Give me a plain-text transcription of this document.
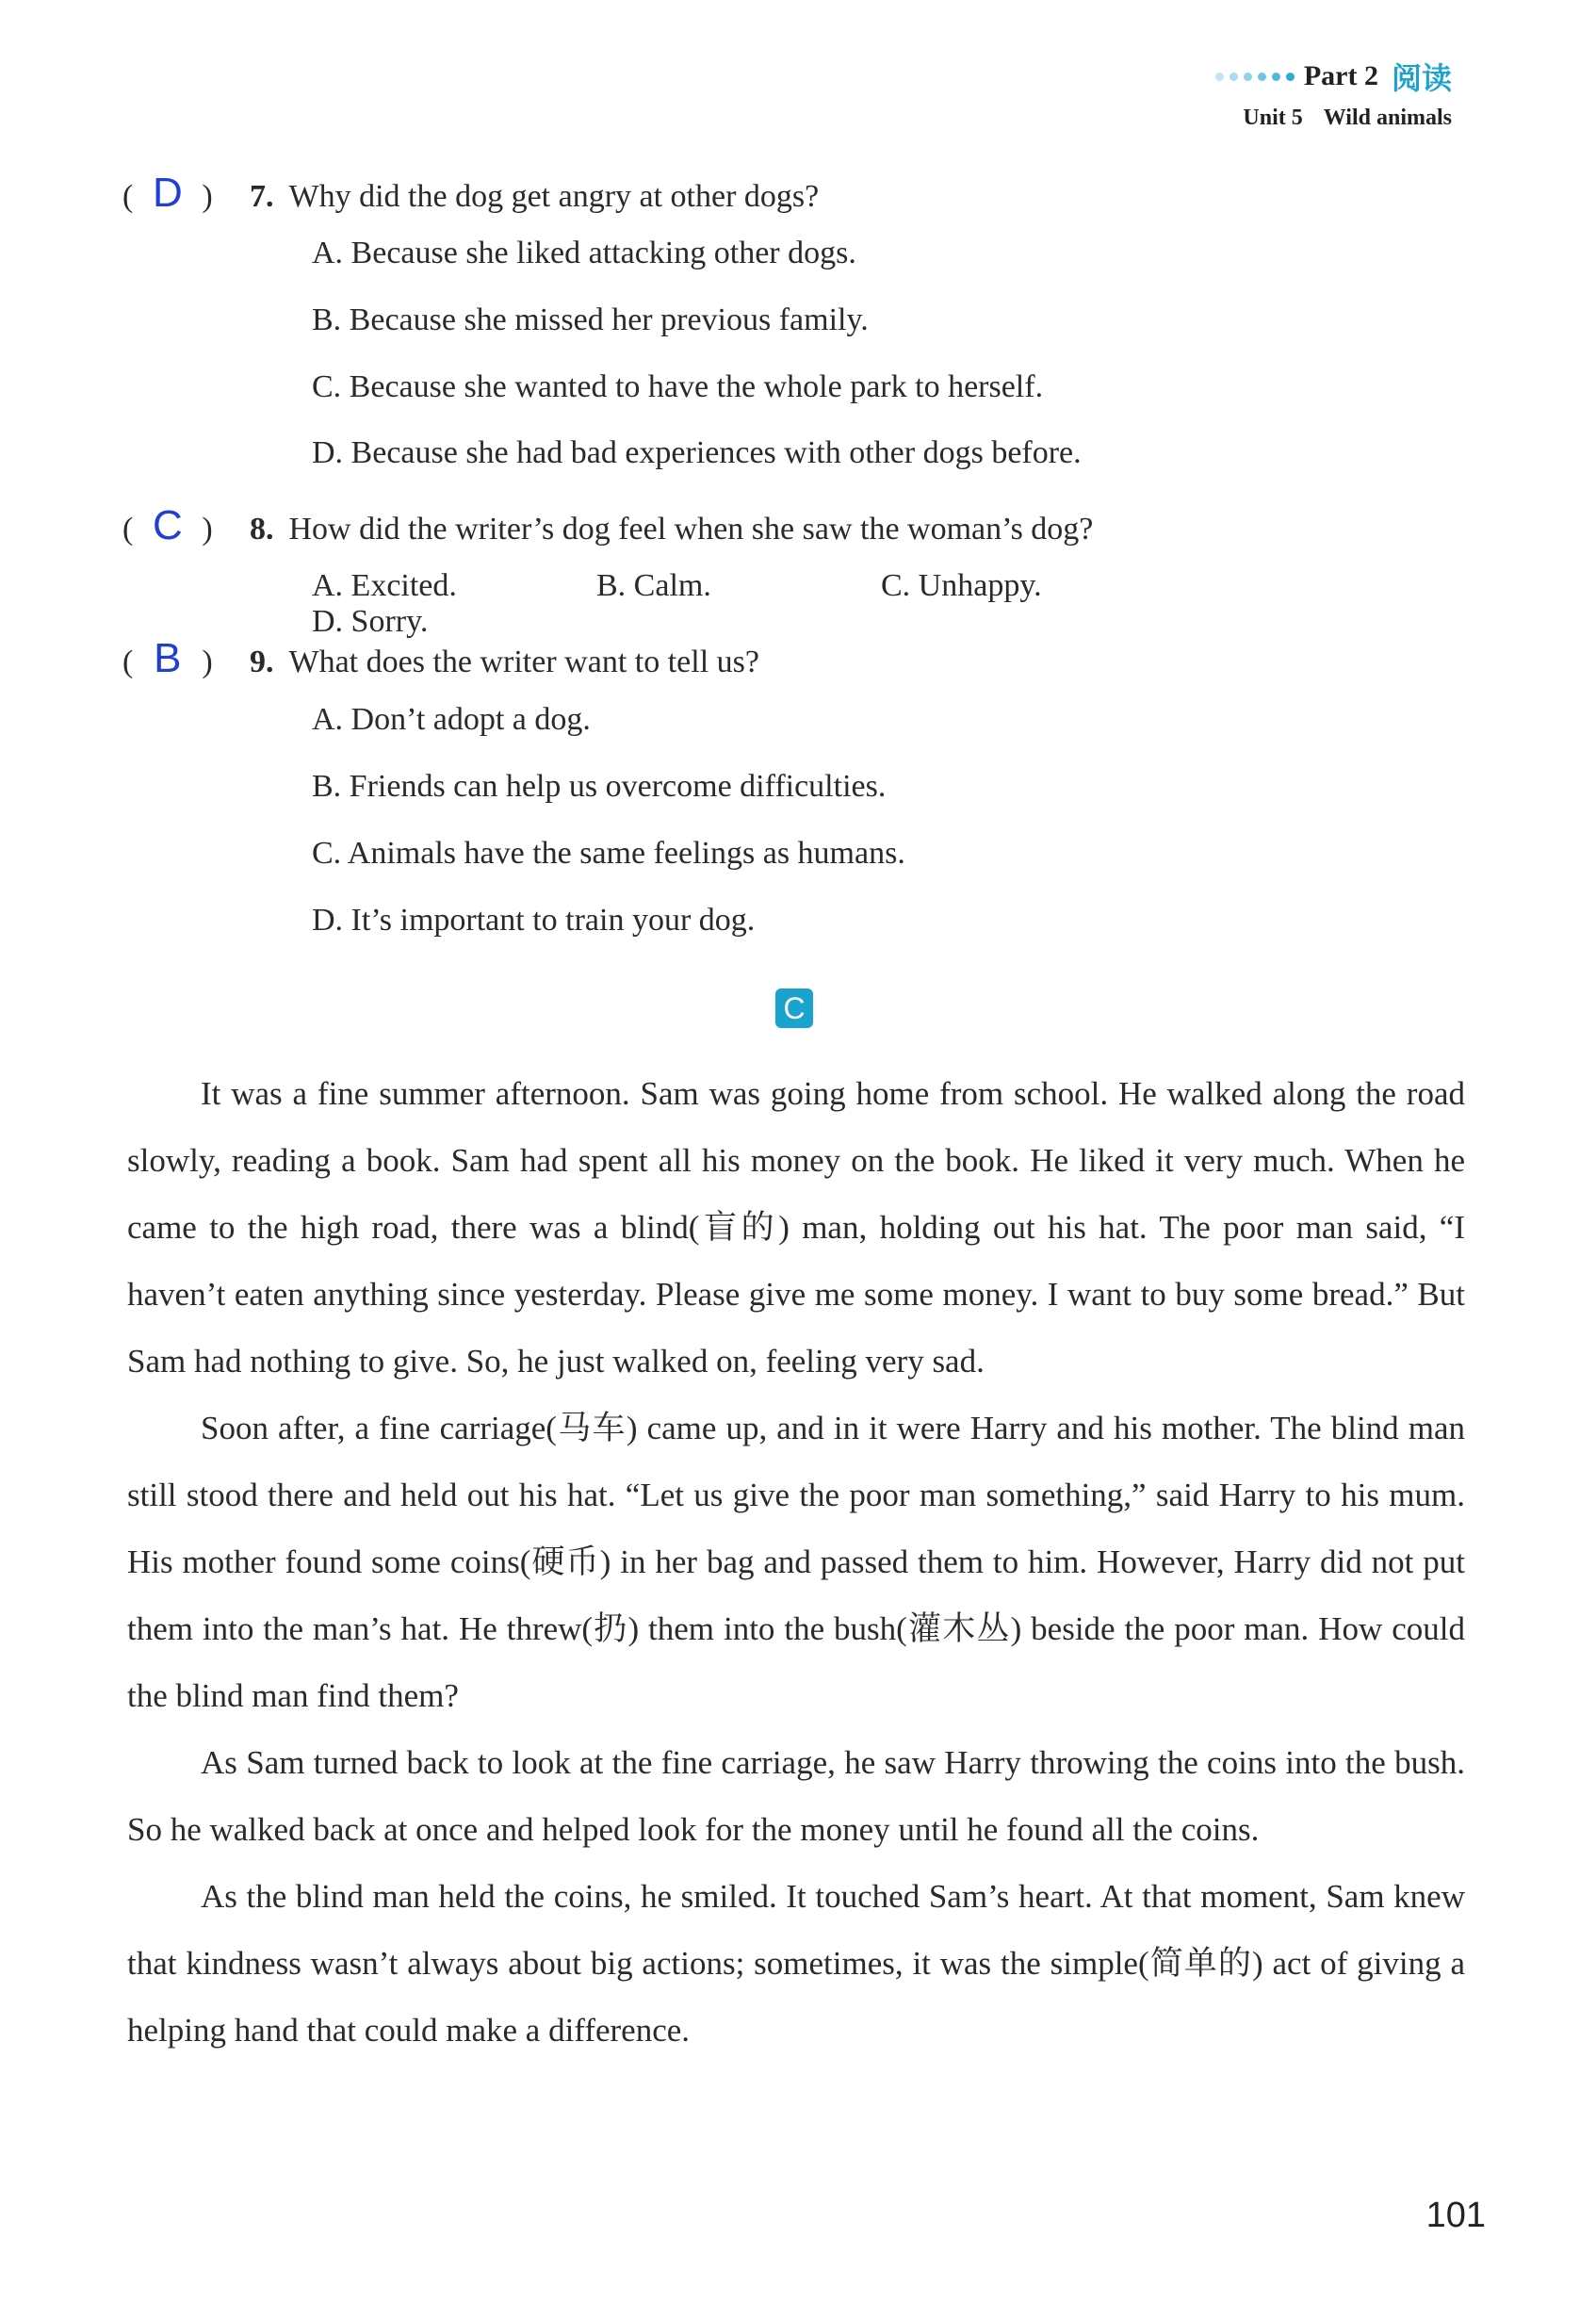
Part 2 阅读
Unit 5 Wild animals
( D ) 7. Why did the dog get angry at other dogs?
A. Because she liked attacking other dogs.
B. Because she missed her previous family.
C. Because she wanted to have the whole park to herself.
D. Because she had bad experiences with other dogs before.
( C ) 8. How did the writer’s dog feel when she saw the woman’s dog?
A. Excited.	B. Calm.	C. Unhappy.D. Sorry.
( B ) 9. What does the writer want to tell us?
A. Don’t adopt a dog.
B. Friends can help us overcome difficulties.
C. Animals have the same feelings as humans.
D. It’s important to train your dog.
C

It was a fine summer afternoon. Sam was going home from school. He walked along the road slowly, reading a book. Sam had spent all his money on the book. He liked it very much. When he came to the high road, there was a blind(盲的) man, holding out his hat. The poor man said, “I haven’t eaten anything since yesterday. Please give me some money. I want to buy some bread.” But Sam had nothing to give. So, he just walked on, feeling very sad.

Soon after, a fine carriage(马车) came up, and in it were Harry and his mother. The blind man still stood there and held out his hat. “Let us give the poor man something,” said Harry to his mum. His mother found some coins(硬币) in her bag and passed them to him. However, Harry did not put them into the man’s hat. He threw(扔) them into the bush(灌木丛) beside the poor man. How could the blind man find them?

As Sam turned back to look at the fine carriage, he saw Harry throwing the coins into the bush. So he walked back at once and helped look for the money until he found all the coins.

As the blind man held the coins, he smiled. It touched Sam’s heart. At that moment, Sam knew that kindness wasn’t always about big actions; sometimes, it was the simple(简单的) act of giving a helping hand that could make a difference.

101
